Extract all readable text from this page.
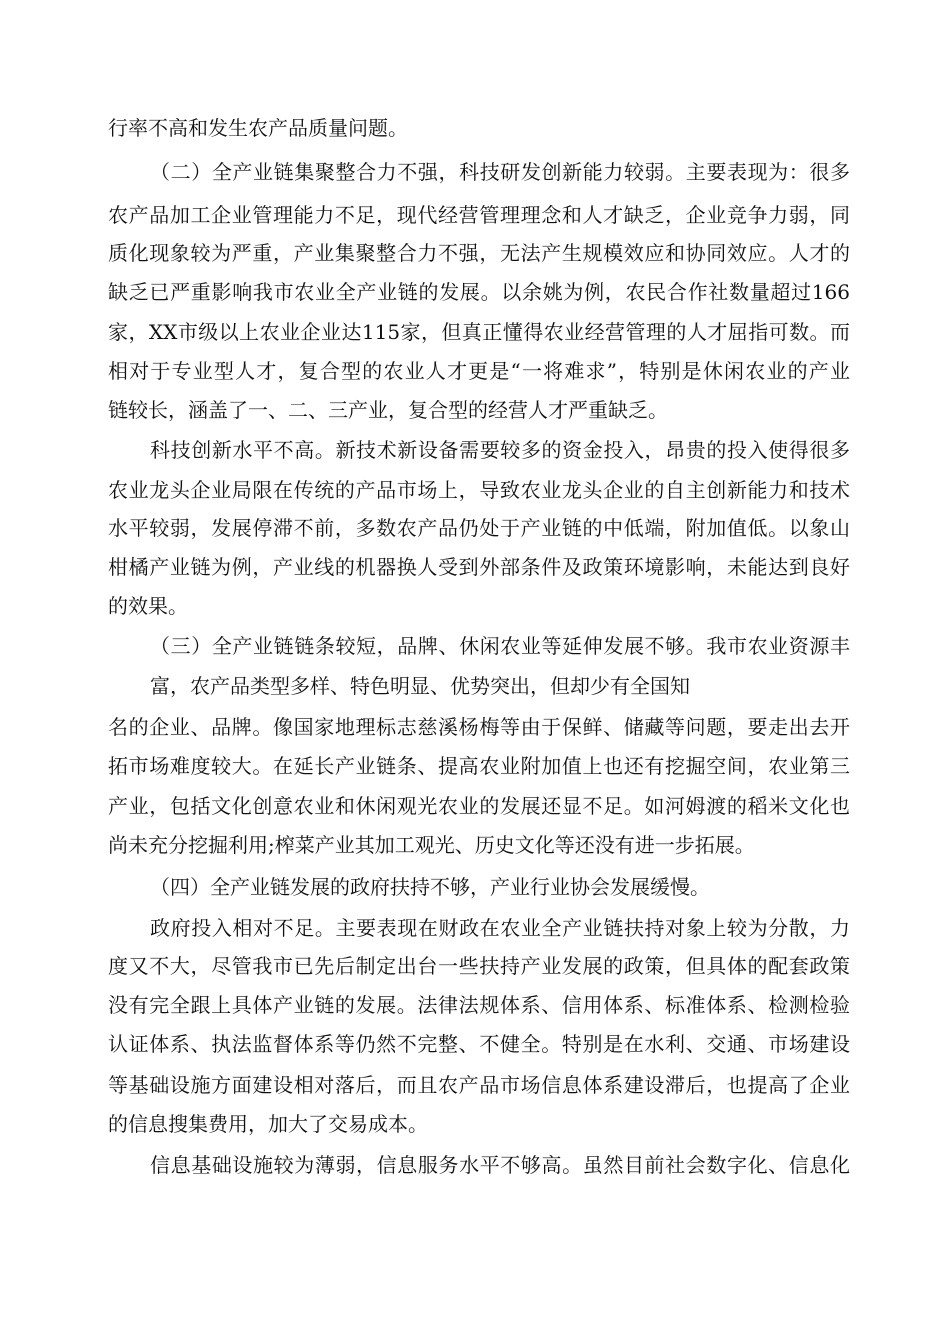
行率不高和发生农产品质量问题。
（二）全产业链集聚整合力不强，科技研发创新能力较弱。主要表现为：很多
农产品加工企业管理能力不足，现代经营管理理念和人才缺乏，企业竞争力弱，同
质化现象较为严重，产业集聚整合力不强，无法产生规模效应和协同效应。人才的
缺乏已严重影响我市农业全产业链的发展。以余姚为例，农民合作社数量超过166
家，XX市级以上农业企业达115家，但真正懂得农业经营管理的人才屈指可数。而
相对于专业型人才，复合型的农业人才更是“一将难求”，特别是休闲农业的产业
链较长，涵盖了一、二、三产业，复合型的经营人才严重缺乏。
科技创新水平不高。新技术新设备需要较多的资金投入，昂贵的投入使得很多
农业龙头企业局限在传统的产品市场上，导致农业龙头企业的自主创新能力和技术
水平较弱，发展停滞不前，多数农产品仍处于产业链的中低端，附加值低。以象山
柑橘产业链为例，产业线的机器换人受到外部条件及政策环境影响，未能达到良好
的效果。
（三）全产业链链条较短，品牌、休闲农业等延伸发展不够。我市农业资源丰
富，农产品类型多样、特色明显、优势突出，但却少有全国知
名的企业、品牌。像国家地理标志慈溪杨梅等由于保鲜、储藏等问题，要走出去开
拓市场难度较大。在延长产业链条、提高农业附加值上也还有挖掘空间，农业第三
产业，包括文化创意农业和休闲观光农业的发展还显不足。如河姆渡的稻米文化也
尚未充分挖掘利用;榨菜产业其加工观光、历史文化等还没有进一步拓展。
（四）全产业链发展的政府扶持不够，产业行业协会发展缓慢。
政府投入相对不足。主要表现在财政在农业全产业链扶持对象上较为分散，力
度又不大，尽管我市已先后制定出台一些扶持产业发展的政策，但具体的配套政策
没有完全跟上具体产业链的发展。法律法规体系、信用体系、标准体系、检测检验
认证体系、执法监督体系等仍然不完整、不健全。特别是在水利、交通、市场建设
等基础设施方面建设相对落后，而且农产品市场信息体系建设滞后，也提高了企业
的信息搜集费用，加大了交易成本。
信息基础设施较为薄弱，信息服务水平不够高。虽然目前社会数字化、信息化
